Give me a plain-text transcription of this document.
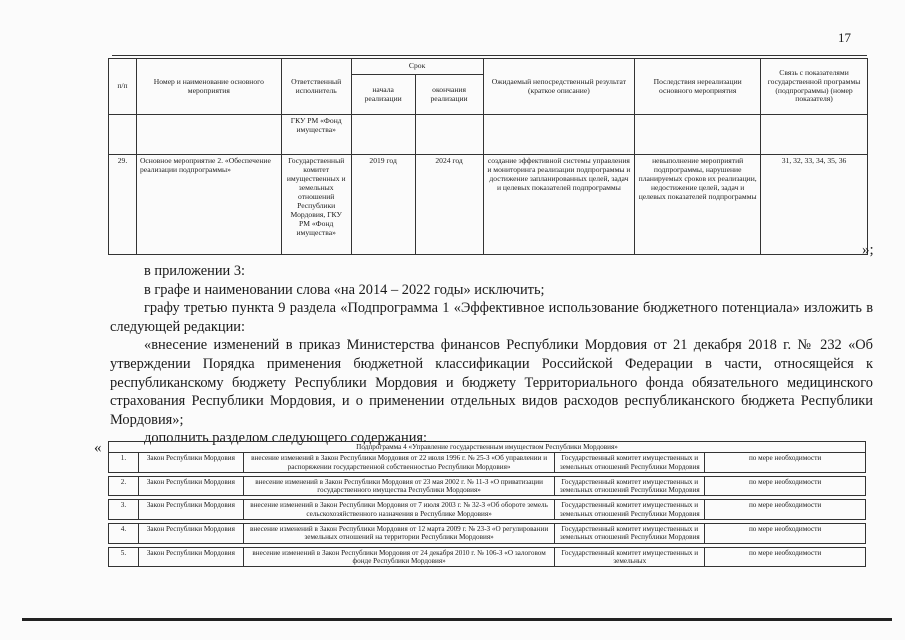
17
п/п	Номер и наименование основного мероприятия	Ответственный исполнитель	Срок		Ожидаемый непосредственный результат (краткое описание)	Последствия нереализации основного мероприятия	Связь с показателями государственной программы (подпрограммы) (номер показателя)
			начала реализации	окончания реализации			
		ГКУ РМ «Фонд имущества»					
29.	Основное мероприятие 2. «Обеспечение реализации подпрограммы»	Государственный комитет имущественных и земельных отношений Республики Мордовия, ГКУ РМ «Фонд имущества»	2019 год	2024 год	создание эффективной системы управления и мониторинга реализации подпрограммы и достижение запланированных целей, задач и целевых показателей подпрограммы	невыполнение мероприятий подпрограммы, нарушение планируемых сроков их реализации, недостижение целей, задач и целевых показателей подпрограммы	31, 32, 33, 34, 35, 36
»;

в приложении 3:

в графе и наименовании слова «на 2014 – 2022 годы» исключить;

графу третью пункта 9 раздела «Подпрограмма 1 «Эффективное использование бюджетного потенциала» изложить в следующей редакции:

«внесение изменений в приказ Министерства финансов Республики Мордовия от 21 декабря 2018 г. № 232 «Об утверждении Порядка применения бюджетной классификации Российской Федерации в части, относящейся к республиканскому бюджету Республики Мордовия и бюджету Территориального фонда обязательного медицинского страхования Республики Мордовия, и о применении отдельных видов расходов республиканского бюджета Республики Мордовия»;

дополнить разделом следующего содержания:

«	Подпрограмма 4 «Управление государственным имуществом Республики Мордовия»				
1.	Закон Республики Мордовия	внесение изменений в Закон Республики Мордовия от 22 июля 1996 г. № 25-З «Об управлении и распоряжении государственной собственностью Республики Мордовия»	Государственный комитет имущественных и земельных отношений Республики Мордовия	по мере необходимости

2.	Закон Республики Мордовия	внесение изменений в Закон Республики Мордовия от 23 мая 2002 г. № 11-З «О приватизации государственного имущества Республики Мордовия»	Государственный комитет имущественных и земельных отношений Республики Мордовия	по мере необходимости

3.	Закон Республики Мордовия	внесение изменений в Закон Республики Мордовия от 7 июля 2003 г. № 32-З «Об обороте земель сельскохозяйственного назначения в Республике Мордовия»	Государственный комитет имущественных и земельных отношений Республики Мордовия	по мере необходимости

4.	Закон Республики Мордовия	внесение изменений в Закон Республики Мордовия от 12 марта 2009 г. № 23-З «О регулировании земельных отношений на территории Республики Мордовия»	Государственный комитет имущественных и земельных отношений Республики Мордовия	по мере необходимости

5.	Закон Республики Мордовия	внесение изменений в Закон Республики Мордовия от 24 декабря 2010 г. № 106-З «О залоговом фонде Республики Мордовия»	Государственный комитет имущественных и земельных	по мере необходимости
